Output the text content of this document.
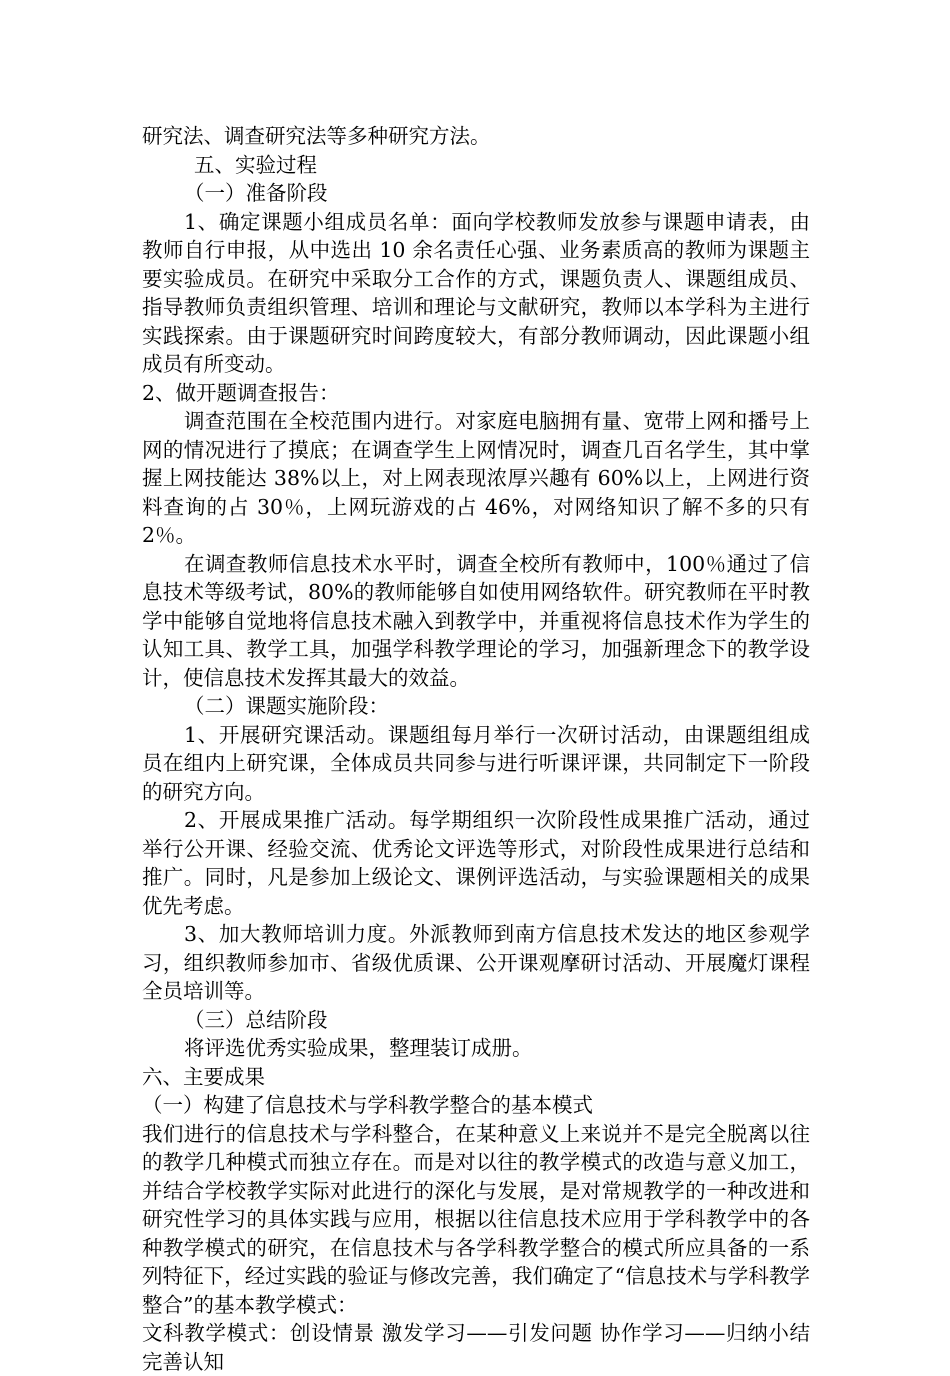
研究法、调查研究法等多种研究方法。

五、实验过程

（一）准备阶段

1、确定课题小组成员名单：面向学校教师发放参与课题申请表，由教师自行申报，从中选出 10 余名责任心强、业务素质高的教师为课题主要实验成员。在研究中采取分工合作的方式，课题负责人、课题组成员、指导教师负责组织管理、培训和理论与文献研究，教师以本学科为主进行实践探索。由于课题研究时间跨度较大，有部分教师调动，因此课题小组成员有所变动。

2、做开题调查报告：

调查范围在全校范围内进行。对家庭电脑拥有量、宽带上网和播号上网的情况进行了摸底；在调查学生上网情况时，调查几百名学生，其中掌握上网技能达 38%以上，对上网表现浓厚兴趣有 60%以上，上网进行资料查询的占 30％，上网玩游戏的占 46%，对网络知识了解不多的只有 2％。

在调查教师信息技术水平时，调查全校所有教师中，100％通过了信息技术等级考试，80%的教师能够自如使用网络软件。研究教师在平时教学中能够自觉地将信息技术融入到教学中，并重视将信息技术作为学生的认知工具、教学工具，加强学科教学理论的学习，加强新理念下的教学设计，使信息技术发挥其最大的效益。

（二）课题实施阶段：

1、开展研究课活动。课题组每月举行一次研讨活动，由课题组组成员在组内上研究课，全体成员共同参与进行听课评课，共同制定下一阶段的研究方向。

2、开展成果推广活动。每学期组织一次阶段性成果推广活动，通过举行公开课、经验交流、优秀论文评选等形式，对阶段性成果进行总结和推广。同时，凡是参加上级论文、课例评选活动，与实验课题相关的成果优先考虑。

3、加大教师培训力度。外派教师到南方信息技术发达的地区参观学习，组织教师参加市、省级优质课、公开课观摩研讨活动、开展魔灯课程全员培训等。

（三）总结阶段

将评选优秀实验成果，整理装订成册。

六、主要成果

（一）构建了信息技术与学科教学整合的基本模式

我们进行的信息技术与学科整合，在某种意义上来说并不是完全脱离以往的教学几种模式而独立存在。而是对以往的教学模式的改造与意义加工，并结合学校教学实际对此进行的深化与发展，是对常规教学的一种改进和研究性学习的具体实践与应用，根据以往信息技术应用于学科教学中的各种教学模式的研究，在信息技术与各学科教学整合的模式所应具备的一系列特征下，经过实践的验证与修改完善，我们确定了“信息技术与学科教学整合”的基本教学模式：

文科教学模式：创设情景 激发学习——引发问题 协作学习——归纳小结 完善认知
